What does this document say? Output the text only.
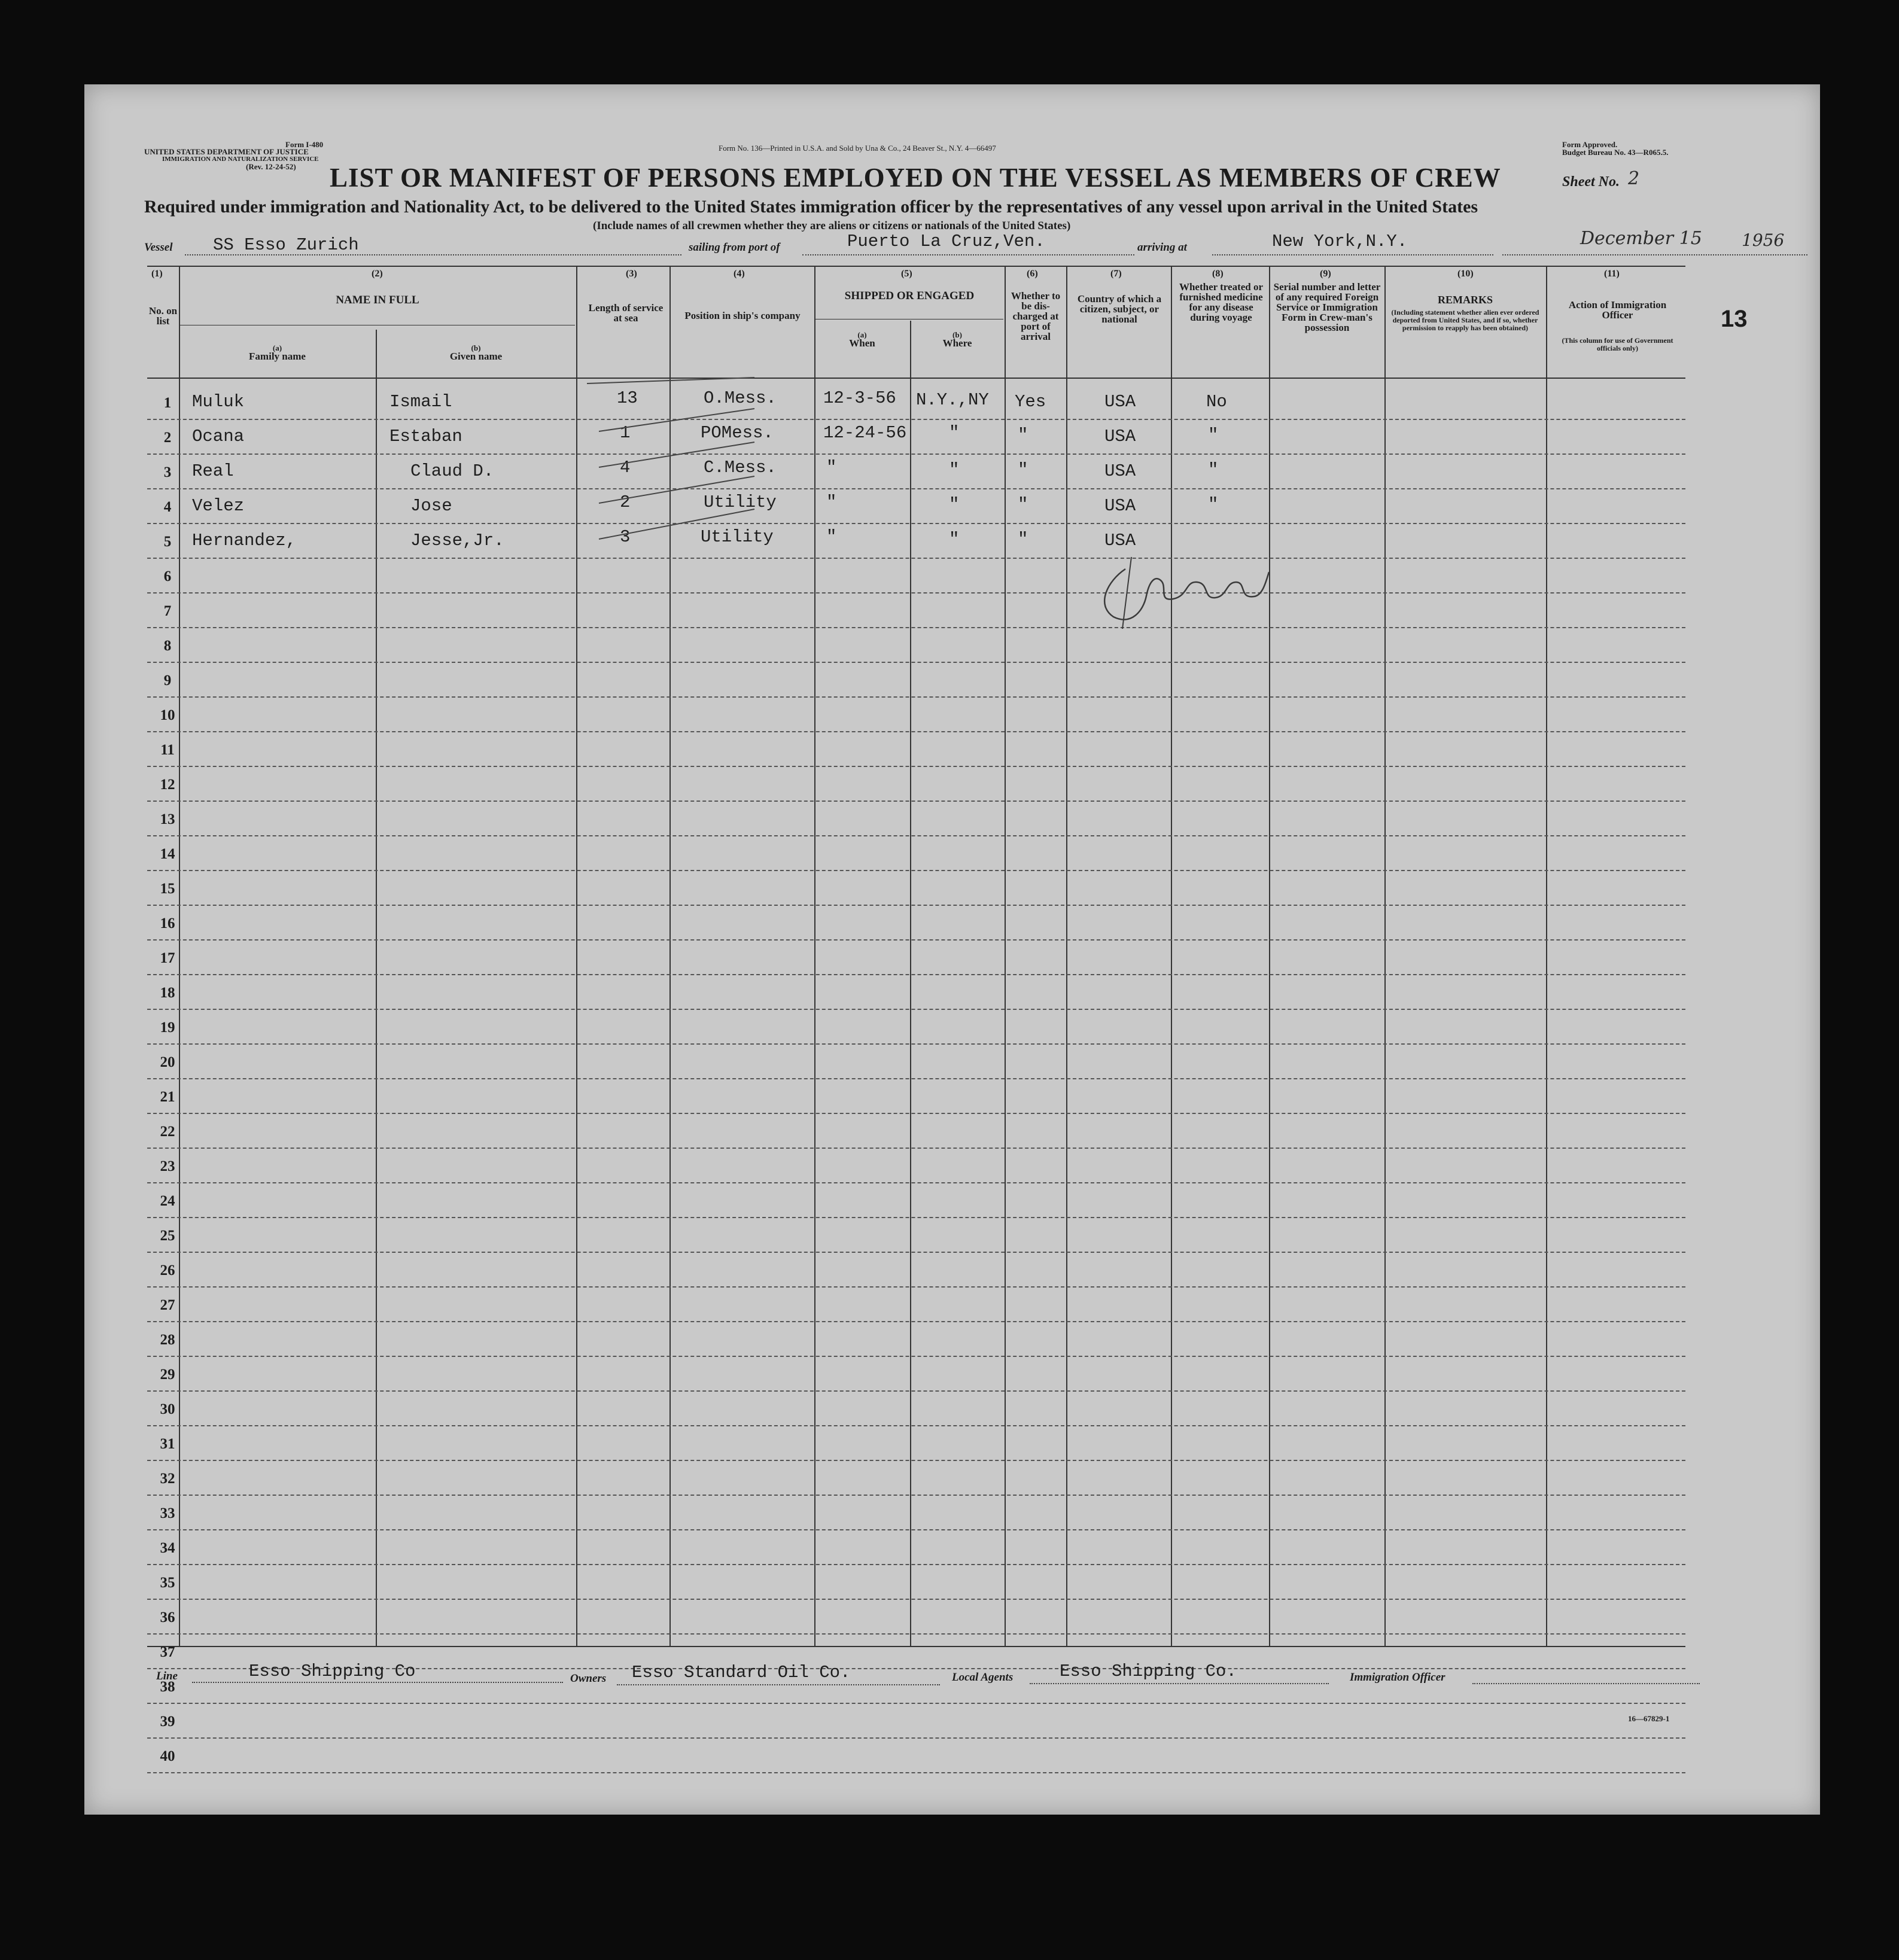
Form I-480
UNITED STATES DEPARTMENT OF JUSTICE
IMMIGRATION AND NATURALIZATION SERVICE
(Rev. 12-24-52)
Form No. 136—Printed in U.S.A. and Sold by Una & Co., 24 Beaver St., N.Y. 4—66497	Form Approved.
Budget Bureau No. 43—R065.5.
LIST OR MANIFEST OF PERSONS EMPLOYED ON THE VESSEL AS MEMBERS OF CREW	Sheet No. 2
Required under immigration and Nationality Act, to be delivered to the United States immigration officer by the representatives of any vessel upon arrival in the United States
(Include names of all crewmen whether they are aliens or citizens or nationals of the United States)
Vessel SS Esso Zurich	sailing from port of	Puerto La Cruz,Ven.	arriving at	New York,N.Y.	December 15 1956
13
(1)
No. on list
(2)
NAME IN FULL
(a)
Family name
(b)
Given name
(3)
Length of service at sea
(4)
Position in ship's company
(5)
SHIPPED OR ENGAGED
(a)
When
(b)
Where
(6)
Whether to be dis-charged at port of arrival
(7)
Country of which a citizen, subject, or national
(8)
Whether treated or furnished medicine for any disease during voyage
(9)
Serial number and letter of any required Foreign Service or Immigration Form in Crew-man's possession
(10)
REMARKS
(Including statement whether alien ever ordered deported from United States, and if so, whether permission to reapply has been obtained)
(11)
Action of Immigration Officer
(This column for use of Government officials only)
1
2
3
4
5
6
7
8
9
10
11
12
13
14
15
16
17
18
19
20
21
22
23
24
25
26
27
28
29
30
31
32
33
34
35
36
37
38
39
40
Muluk	Ismail	13	O.Mess.	12-3-56 N.Y.,NY Yes	USA	No
Ocana	Estaban	1	POMess.	12-24-56 "	"	USA	"
Real	Claud D.	4	C.Mess.	"	"	"	USA	"
Velez	Jose	2	Utility	"	"	"	USA	"
Hernandez,	Jesse,Jr.	3	Utility	"	"	"	USA
Line	Esso Shipping Co	Owners Esso Standard Oil Co.	Local Agents	Esso Shipping Co.	Immigration Officer
16—67829-1
